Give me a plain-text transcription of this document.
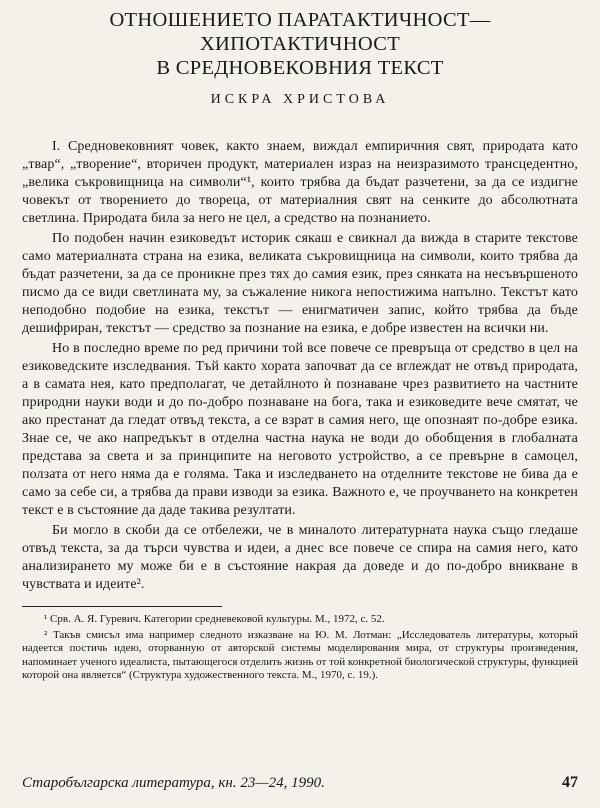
ОТНОШЕНИЕТО ПАРАТАКТИЧНОСТ—ХИПОТАКТИЧНОСТ
В СРЕДНОВЕКОВНИЯ ТЕКСТ
ИСКРА ХРИСТОВА

I. Средновековният човек, както знаем, виждал емпиричния свят, природата като „твар“, „творение“, вторичен продукт, материален израз на неизразимото трансцедентно, „велика съкровищница на символи“¹, които трябва да бъдат разчетени, за да се издигне човекът от творението до твореца, от материалния свят на сенките до абсолютната светлина. Природата била за него не цел, а средство на познанието.

По подобен начин езиковедът историк сякаш е свикнал да вижда в старите текстове само материалната страна на езика, великата съкровищница на символи, които трябва да бъдат разчетени, за да се проникне през тях до самия език, през сянката на несъвършеното писмо да се види светлината му, за съжаление никога непостижима напълно. Текстът като неподобно подобие на езика, текстът — енигматичен запис, който трябва да бъде дешифриран, текстът — средство за познание на езика, е добре известен на всички ни.

Но в последно време по ред причини той все повече се превръща от средство в цел на езиковедските изследвания. Тъй както хората започват да се вглеждат не отвъд природата, а в самата нея, като предполагат, че детайлното ѝ познаване чрез развитието на частните природни науки води и до по-добро познаване на бога, така и езиковедите вече смятат, че ако престанат да гледат отвъд текста, а се взрат в самия него, ще опознаят по-добре езика. Знае се, че ако напредъкът в отделна частна наука не води до обобщения в глобалната представа за света и за принципите на неговото устройство, а се превърне в самоцел, ползата от него няма да е голяма. Така и изследването на отделните текстове не бива да е само за себе си, а трябва да прави изводи за езика. Важното е, че проучването на конкретен текст е в състояние да даде такива резултати.

Би могло в скоби да се отбележи, че в миналото литературната наука също гледаше отвъд текста, за да търси чувства и идеи, а днес все повече се спира на самия него, като анализирането му може би е в състояние накрая да доведе и до по-добро вникване в чувствата и идеите².

¹ Срв. А. Я. Гуревич. Категории средневековой культуры. М., 1972, с. 52.

² Такъв смисъл има например следното изказване на Ю. М. Лотман: „Исследователь литературы, который надеется постичь идею, оторванную от авторской системы моделирования мира, от структуры произведения, напоминает ученого идеалиста, пытающегося отделить жизнь от той конкретной биологической структуры, функцией которой она является“ (Структура художественного текста. М., 1970, с. 19.).

Старобългарска литература, кн. 23—24, 1990.	47
